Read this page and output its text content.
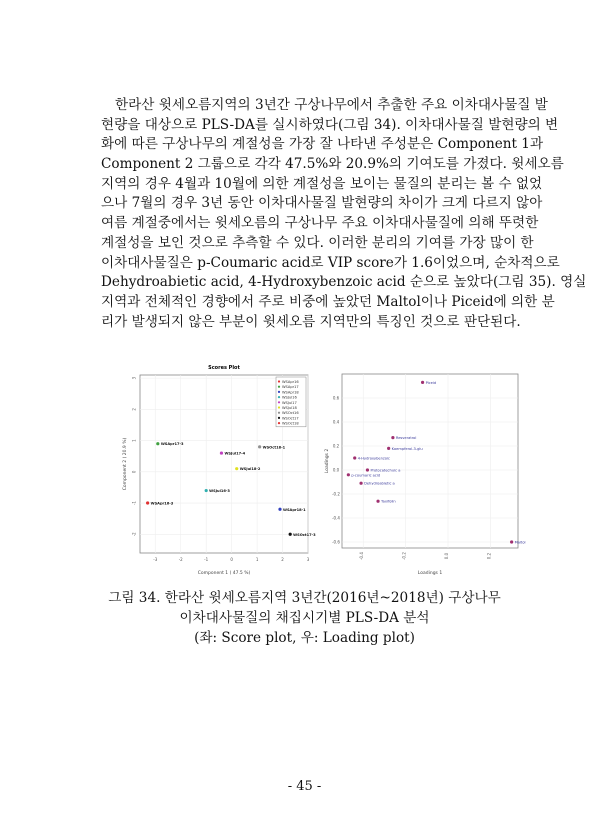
한라산 윗세오름지역의 3년간 구상나무에서 추출한 주요 이차대사물질 발
현량을 대상으로 PLS-DA를 실시하였다(그림 34). 이차대사물질 발현량의 변
화에 따른 구상나무의 계절성을 가장 잘 나타낸 주성분은 Component 1과
Component 2 그룹으로 각각 47.5%와 20.9%의 기여도를 가졌다. 윗세오름
지역의 경우 4월과 10월에 의한 계절성을 보이는 물질의 분리는 볼 수 없었
으나 7월의 경우 3년 동안 이차대사물질 발현량의 차이가 크게 다르지 않아
여름 계절중에서는 윗세오름의 구상나무 주요 이차대사물질에 의해 뚜렷한
계절성을 보인 것으로 추측할 수 있다. 이러한 분리의 기여를 가장 많이 한
이차대사물질은 p-Coumaric acid로 VIP score가 1.6이었으며, 순차적으로
Dehydroabietic acid, 4-Hydroxybenzoic acid 순으로 높았다(그림 35). 영실
지역과 전체적인 경향에서 주로 비중에 높았던 Maltol이나 Piceid에 의한 분
리가 발생되지 않은 부분이 윗세오름 지역만의 특징인 것으로 판단된다.
Scores Plot
-3	-2	-1	0	1	2	3
-2
-1
0
1
2
3
Component 1 ( 47.5 %)
Component 2 ( 20.9 %)	WSApr17-3
WSJul17-4
WSOct18-1
WSJul18-2
WSJul16-3
WSApr16-3
WSApr18-1
WSOct17-3
WSApr16
WSApr17
WSApr18
WSJul16
WSJul17
WSJul18
WSOct16
WSOct17
WSOct18
-0.4	-0.2	0.0	0.2
-0.6
-0.4
-0.2
0.0
0.2
0.4
0.6
Loadings 1
Loadings 2
Piceid
Resveratrol
Kaempferol-3-glu
4-Hydroxybenzoic
Protocatechuic a
p-coumaric acid
Dehydroabietic a
Taxifolin
Maltol
그림 34. 한라산 윗세오름지역 3년간(2016년~2018년) 구상나무
이차대사물질의 채집시기별 PLS-DA 분석
(좌: Score plot, 우: Loading plot)
- 45 -
